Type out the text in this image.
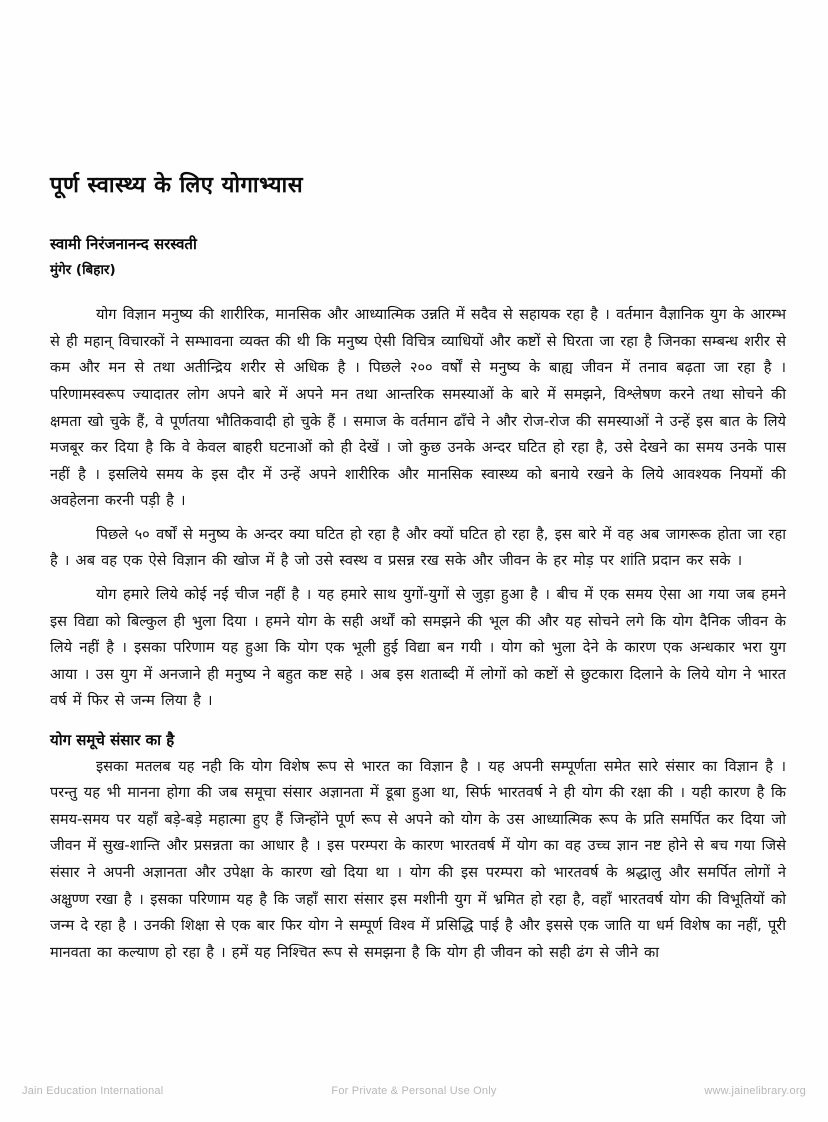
पूर्ण स्वास्थ्य के लिए योगाभ्यास

स्वामी निरंजनानन्द सरस्वती

मुंगेर (बिहार)

योग विज्ञान मनुष्य की शारीरिक, मानसिक और आध्यात्मिक उन्नति में सदैव से सहायक रहा है । वर्तमान वैज्ञानिक युग के आरम्भ से ही महान् विचारकों ने सम्भावना व्यक्त की थी कि मनुष्य ऐसी विचित्र व्याधियों और कष्टों से घिरता जा रहा है जिनका सम्बन्ध शरीर से कम और मन से तथा अतीन्द्रिय शरीर से अधिक है । पिछले २०० वर्षों से मनुष्य के बाह्य जीवन में तनाव बढ़ता जा रहा है । परिणामस्वरूप ज्यादातर लोग अपने बारे में अपने मन तथा आन्तरिक समस्याओं के बारे में समझने, विश्लेषण करने तथा सोचने की क्षमता खो चुके हैं, वे पूर्णतया भौतिकवादी हो चुके हैं । समाज के वर्तमान ढाँचे ने और रोज-रोज की समस्याओं ने उन्हें इस बात के लिये मजबूर कर दिया है कि वे केवल बाहरी घटनाओं को ही देखें । जो कुछ उनके अन्दर घटित हो रहा है, उसे देखने का समय उनके पास नहीं है । इसलिये समय के इस दौर में उन्हें अपने शारीरिक और मानसिक स्वास्थ्य को बनाये रखने के लिये आवश्यक नियमों की अवहेलना करनी पड़ी है ।

पिछले ५० वर्षों से मनुष्य के अन्दर क्या घटित हो रहा है और क्यों घटित हो रहा है, इस बारे में वह अब जागरूक होता जा रहा है । अब वह एक ऐसे विज्ञान की खोज में है जो उसे स्वस्थ व प्रसन्न रख सके और जीवन के हर मोड़ पर शांति प्रदान कर सके ।

योग हमारे लिये कोई नई चीज नहीं है । यह हमारे साथ युगों-युगों से जुड़ा हुआ है । बीच में एक समय ऐसा आ गया जब हमने इस विद्या को बिल्कुल ही भुला दिया । हमने योग के सही अर्थों को समझने की भूल की और यह सोचने लगे कि योग दैनिक जीवन के लिये नहीं है । इसका परिणाम यह हुआ कि योग एक भूली हुई विद्या बन गयी । योग को भुला देने के कारण एक अन्धकार भरा युग आया । उस युग में अनजाने ही मनुष्य ने बहुत कष्ट सहे । अब इस शताब्दी में लोगों को कष्टों से छुटकारा दिलाने के लिये योग ने भारत वर्ष में फिर से जन्म लिया है ।

योग समूचे संसार का है

इसका मतलब यह नही कि योग विशेष रूप से भारत का विज्ञान है । यह अपनी सम्पूर्णता समेत सारे संसार का विज्ञान है । परन्तु यह भी मानना होगा की जब समूचा संसार अज्ञानता में डूबा हुआ था, सिर्फ भारतवर्ष ने ही योग की रक्षा की । यही कारण है कि समय-समय पर यहाँ बड़े-बड़े महात्मा हुए हैं जिन्होंने पूर्ण रूप से अपने को योग के उस आध्यात्मिक रूप के प्रति समर्पित कर दिया जो जीवन में सुख-शान्ति और प्रसन्नता का आधार है । इस परम्परा के कारण भारतवर्ष में योग का वह उच्च ज्ञान नष्ट होने से बच गया जिसे संसार ने अपनी अज्ञानता और उपेक्षा के कारण खो दिया था । योग की इस परम्परा को भारतवर्ष के श्रद्धालु और समर्पित लोगों ने अक्षुण्ण रखा है । इसका परिणाम यह है कि जहाँ सारा संसार इस मशीनी युग में भ्रमित हो रहा है, वहाँ भारतवर्ष योग की विभूतियों को जन्म दे रहा है । उनकी शिक्षा से एक बार फिर योग ने सम्पूर्ण विश्व में प्रसिद्धि पाई है और इससे एक जाति या धर्म विशेष का नहीं, पूरी मानवता का कल्याण हो रहा है । हमें यह निश्चित रूप से समझना है कि योग ही जीवन को सही ढंग से जीने का

Jain Education International	For Private & Personal Use Only	www.jainelibrary.org
